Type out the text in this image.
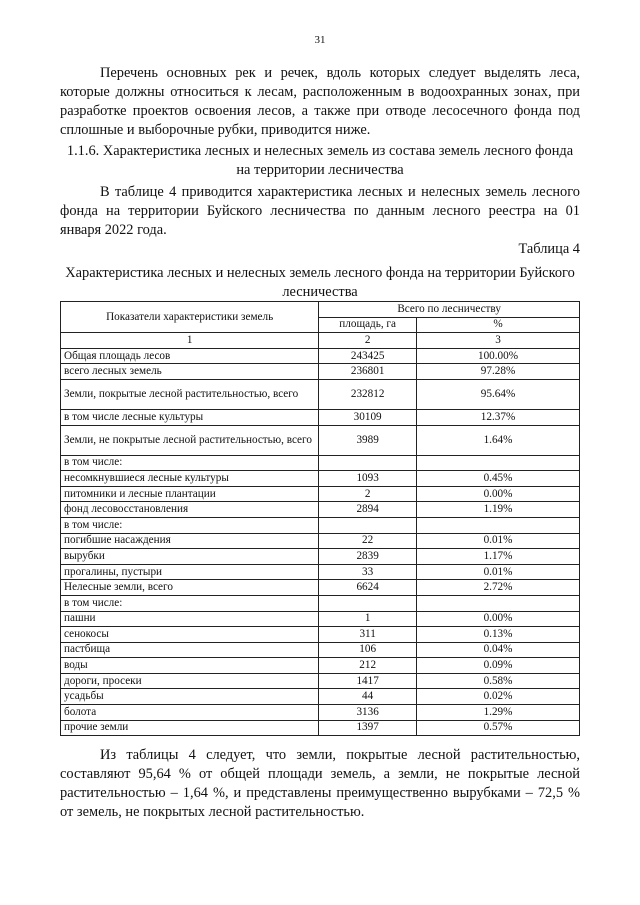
31

Перечень основных рек и речек, вдоль которых следует выделять леса, которые должны относиться к лесам, расположенным в водоохранных зонах, при разработке проектов освоения лесов, а также при отводе лесосечного фонда под сплошные и выборочные рубки, приводится ниже.

1.1.6. Характеристика лесных и нелесных земель из состава земель лесного фонда на территории лесничества

В таблице 4 приводится характеристика лесных и нелесных земель лесного фонда на территории Буйского лесничества по данным лесного реестра на 01 января 2022 года.

Таблица 4

Характеристика лесных и нелесных земель лесного фонда на территории Буйского лесничества

Показатели характеристики земель	Всего по лесничеству	
	площадь, га	%
1	2	3
Общая площадь лесов	243425	100.00%
всего лесных земель	236801	97.28%
Земли, покрытые лесной растительностью, всего	232812	95.64%
в том числе лесные культуры	30109	12.37%
Земли, не покрытые лесной растительностью, всего	3989	1.64%
в том числе:		
несомкнувшиеся лесные культуры	1093	0.45%
питомники и лесные плантации	2	0.00%
фонд лесовосстановления	2894	1.19%
в том числе:		
погибшие насаждения	22	0.01%
вырубки	2839	1.17%
прогалины, пустыри	33	0.01%
Нелесные земли, всего	6624	2.72%
в том числе:		
пашни	1	0.00%
сенокосы	311	0.13%
пастбища	106	0.04%
воды	212	0.09%
дороги, просеки	1417	0.58%
усадьбы	44	0.02%
болота	3136	1.29%
прочие земли	1397	0.57%

Из таблицы 4 следует, что земли, покрытые лесной растительностью, составляют 95,64 % от общей площади земель, а земли, не покрытые лесной растительностью – 1,64 %, и представлены преимущественно вырубками – 72,5 % от земель, не покрытых лесной растительностью.
